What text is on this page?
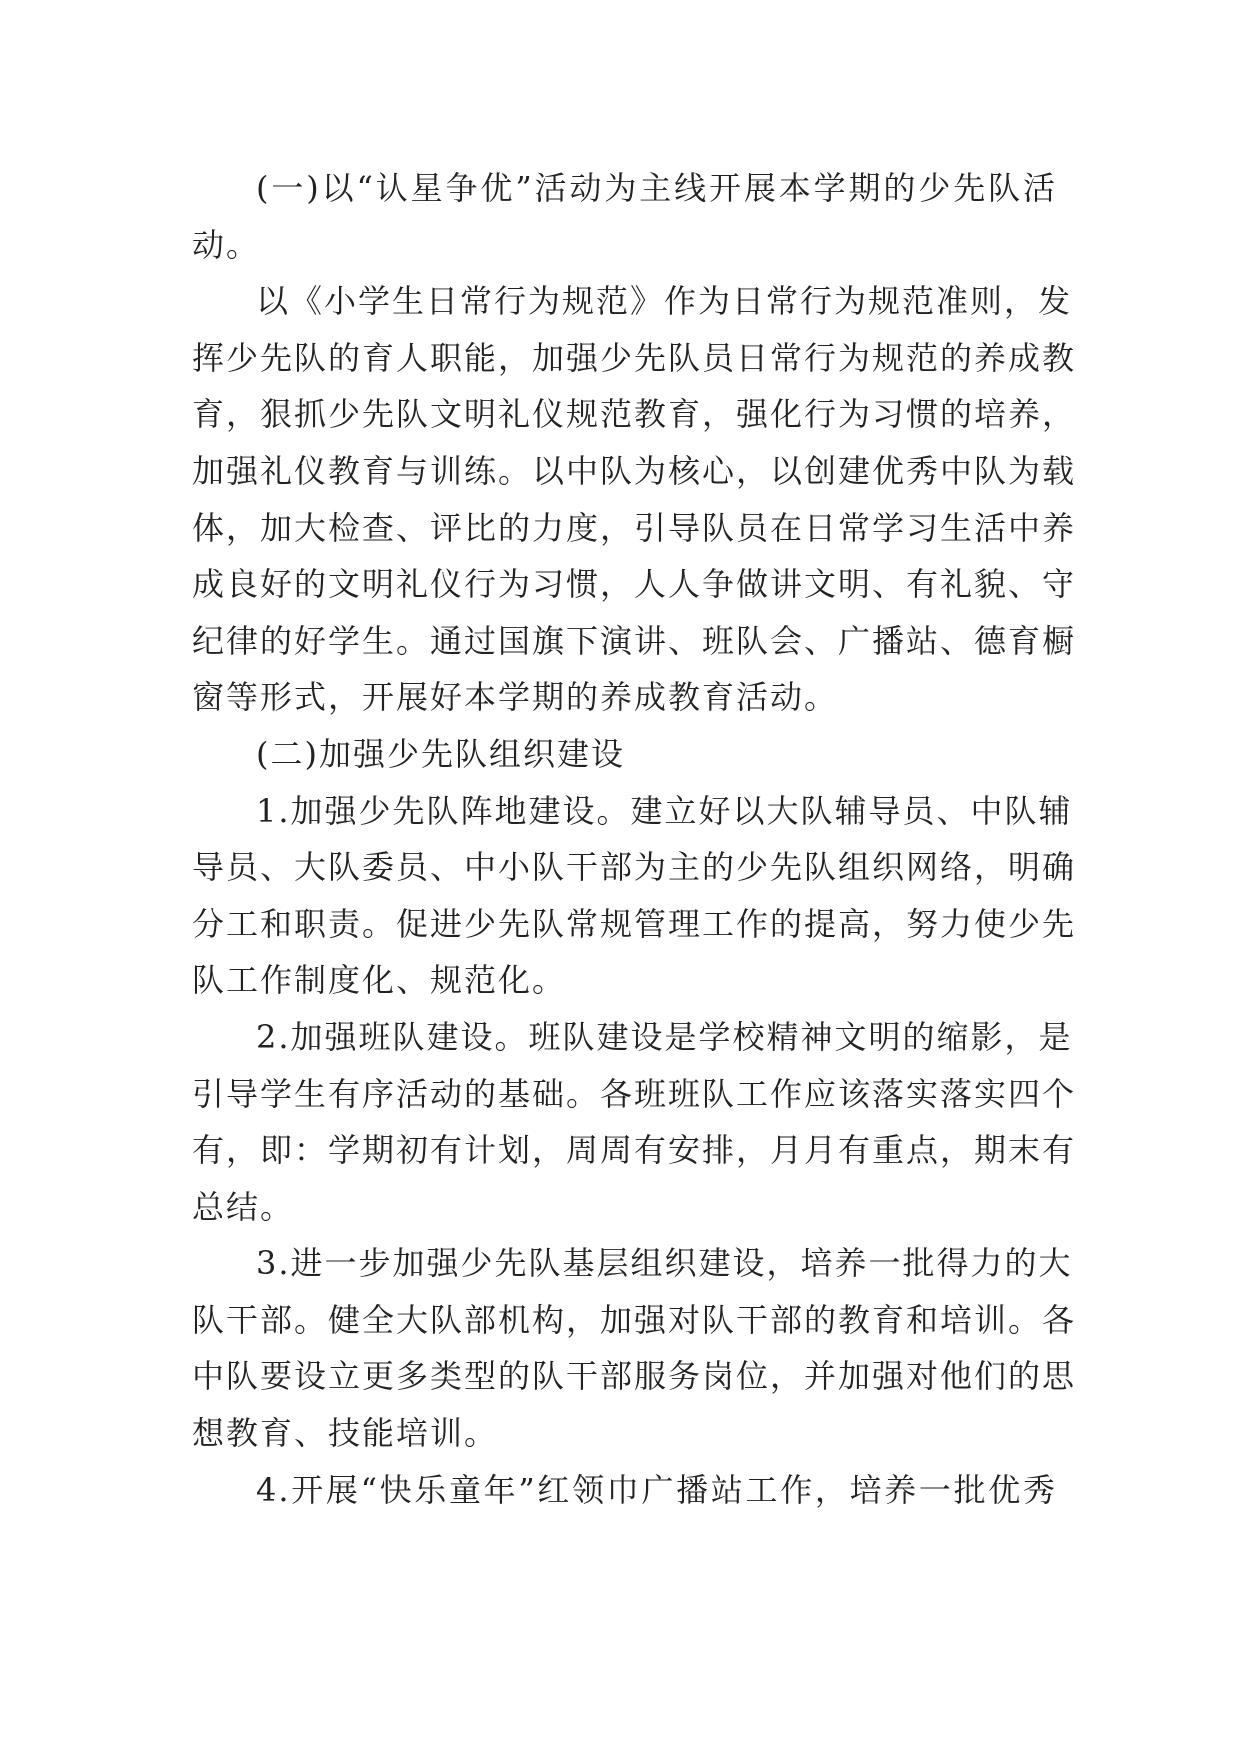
(一)以“认星争优”活动为主线开展本学期的少先队活
动。
以《小学生日常行为规范》作为日常行为规范准则，发
挥少先队的育人职能，加强少先队员日常行为规范的养成教
育，狠抓少先队文明礼仪规范教育，强化行为习惯的培养，
加强礼仪教育与训练。以中队为核心，以创建优秀中队为载
体，加大检查、评比的力度，引导队员在日常学习生活中养
成良好的文明礼仪行为习惯，人人争做讲文明、有礼貌、守
纪律的好学生。通过国旗下演讲、班队会、广播站、德育橱
窗等形式，开展好本学期的养成教育活动。
(二)加强少先队组织建设
1.加强少先队阵地建设。建立好以大队辅导员、中队辅
导员、大队委员、中小队干部为主的少先队组织网络，明确
分工和职责。促进少先队常规管理工作的提高，努力使少先
队工作制度化、规范化。
2.加强班队建设。班队建设是学校精神文明的缩影，是
引导学生有序活动的基础。各班班队工作应该落实落实四个
有，即：学期初有计划，周周有安排，月月有重点，期末有
总结。
3.进一步加强少先队基层组织建设，培养一批得力的大
队干部。健全大队部机构，加强对队干部的教育和培训。各
中队要设立更多类型的队干部服务岗位，并加强对他们的思
想教育、技能培训。
4.开展“快乐童年”红领巾广播站工作，培养一批优秀
